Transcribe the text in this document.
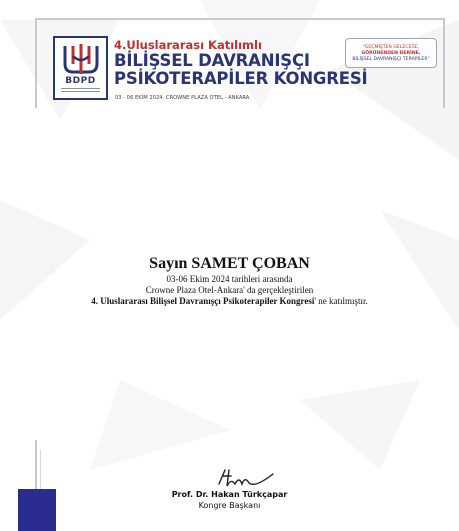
BDPD
4.Uluslararası Katılımlı
BİLİŞSEL DAVRANIŞÇI
PSİKOTERAPİLER KONGRESİ
03 - 06 EKİM 2024, CROWNE PLAZA OTEL - ANKARA
"GEÇMİŞTEN GELECEĞE,
GÖRÜNENDEN DERİNE,
BİLİŞSEL DAVRANIŞÇI TERAPİLER"
Sayın SAMET ÇOBAN
03-06 Ekim 2024 tarihleri arasında
Crowne Plaza Otel-Ankara' da gerçekleştirilen
4. Uluslararası Bilişsel Davranışçı Psikoterapiler Kongresi' ne katılmıştır.
Prof. Dr. Hakan Türkçapar
Kongre Başkanı
